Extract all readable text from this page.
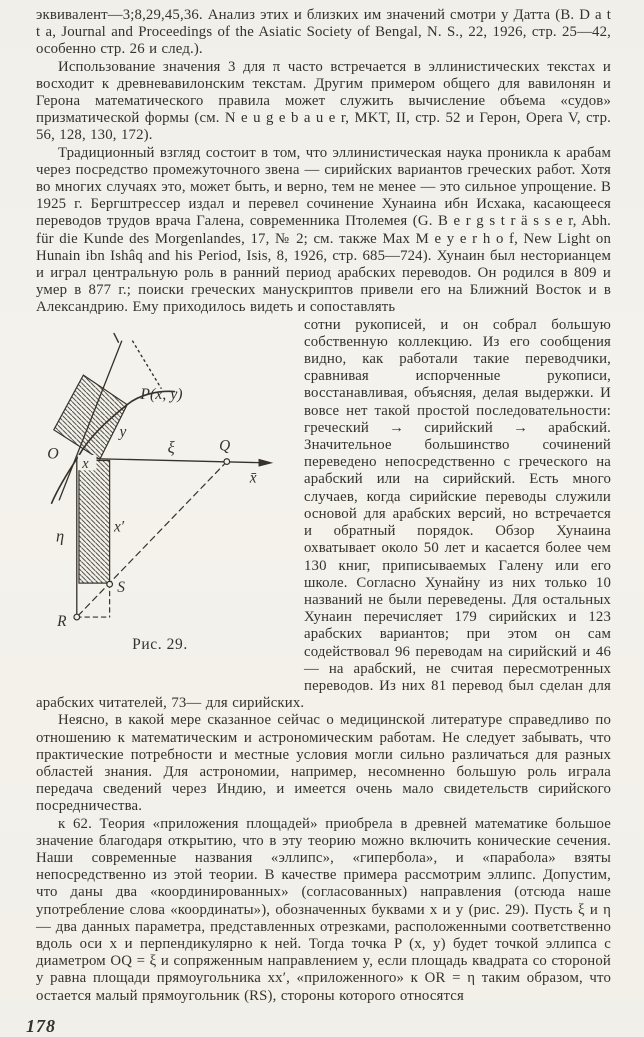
эквивалент—3;8,29,45,36. Анализ этих и близких им значений смотри у Датта (B. D a t t a, Journal and Proceedings of the Asiatic Society of Bengal, N. S., 22, 1926, стр. 25—42, особенно стр. 26 и след.).

Использование значения 3 для π часто встречается в эллинистических текстах и восходит к древневавилонским текстам. Другим примером общего для вавилонян и Герона математического правила может служить вычисление объема «судов» призматической формы (см. N e u g e b a u e r, MKT, II, стр. 52 и Герон, Opera V, стр. 56, 128, 130, 172).

Традиционный взгляд состоит в том, что эллинистическая наука проникла к арабам через посредство промежуточного звена — сирийских вариантов греческих работ. Хотя во многих случаях это, может быть, и верно, тем не менее — это сильное упрощение. В 1925 г. Бергштрессер издал и перевел сочинение Хунаина ибн Исхака, касающееся переводов трудов врача Галена, современника Птолемея (G. B e r g s t r ä s s e r, Abh. für die Kunde des Morgenlandes, 17, № 2; см. также Max M e y e r h o f, New Light on Hunain ibn Ishâq and his Period, Isis, 8, 1926, стр. 685—724). Хунаин был несторианцем и играл центральную роль в ранний период арабских переводов. Он родился в 809 и умер в 877 г.; поиски греческих манускриптов привели его на Ближний Восток и в Александрию. Ему приходилось видеть и сопоставлять

P(x, y)
y
O
x
ξ	Q
x̄
x′
η
S
R
Рис. 29.

сотни рукописей, и он собрал большую собственную коллекцию. Из его сообщения видно, как работали такие переводчики, сравнивая испорченные рукописи, восстанавливая, объясняя, делая выдержки. И вовсе нет такой простой последовательности: греческий → сирийский → арабский. Значительное большинство сочинений переведено непосредственно с греческого на арабский или на сирийский. Есть много случаев, когда сирийские переводы служили основой для арабских версий, но встречается и обратный порядок. Обзор Хунаина охватывает около 50 лет и касается более чем 130 книг, приписываемых Галену или его школе. Согласно Хунайну из них только 10 названий не были переведены. Для остальных Хунаин перечисляет 179 сирийских и 123 арабских вариантов; при этом он сам содействовал 96 переводам на сирийский и 46— на арабский, не считая пересмотренных переводов. Из них 81 перевод был сделан для арабских читателей, 73— для сирийских.

Неясно, в какой мере сказанное сейчас о медицинской литературе справедливо по отношению к математическим и астрономическим работам. Не следует забывать, что практические потребности и местные условия могли сильно различаться для разных областей знания. Для астрономии, например, несомненно большую роль играла передача сведений через Индию, и имеется очень мало свидетельств сирийского посредничества.

к 62. Теория «приложения площадей» приобрела в древней математике большое значение благодаря открытию, что в эту теорию можно включить конические сечения. Наши современные названия «эллипс», «гипербола», и «парабола» взяты непосредственно из этой теории. В качестве примера рассмотрим эллипс. Допустим, что даны два «координированных» (согласованных) направления (отсюда наше употребление слова «координаты»), обозначенных буквами x и y (рис. 29). Пусть ξ и η — два данных параметра, представленных отрезками, расположенными соответственно вдоль оси x и перпендикулярно к ней. Тогда точка P (x, y) будет точкой эллипса с диаметром OQ = ξ и сопряженным направлением y, если площадь квадрата со стороной y равна площади прямоугольника xx′, «приложенного» к OR = η таким образом, что остается малый прямоугольник (RS), стороны которого относятся

178
